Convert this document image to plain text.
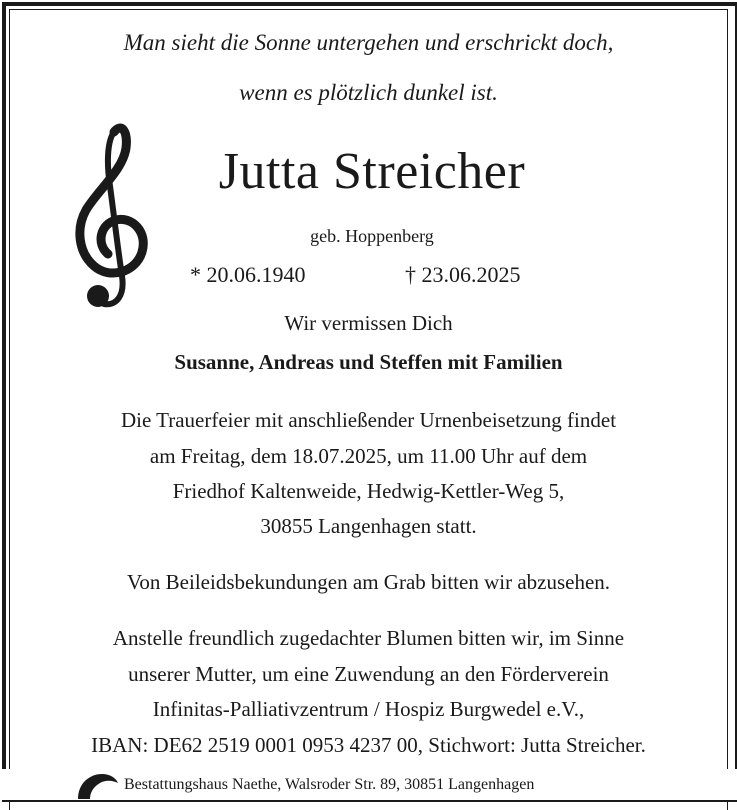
Man sieht die Sonne untergehen und erschrickt doch,
wenn es plötzlich dunkel ist.
Jutta Streicher
geb. Hoppenberg
* 20.06.1940	† 23.06.2025
Wir vermissen Dich
Susanne, Andreas und Steffen mit Familien
Die Trauerfeier mit anschließender Urnenbeisetzung findet
am Freitag, dem 18.07.2025, um 11.00 Uhr auf dem
Friedhof Kaltenweide, Hedwig-Kettler-Weg 5,
30855 Langenhagen statt.
Von Beileidsbekundungen am Grab bitten wir abzusehen.
Anstelle freundlich zugedachter Blumen bitten wir, im Sinne
unserer Mutter, um eine Zuwendung an den Förderverein
Infinitas-Palliativzentrum / Hospiz Burgwedel e.V.,
IBAN: DE62 2519 0001 0953 4237 00, Stichwort: Jutta Streicher.
Bestattungshaus Naethe, Walsroder Str. 89, 30851 Langenhagen
